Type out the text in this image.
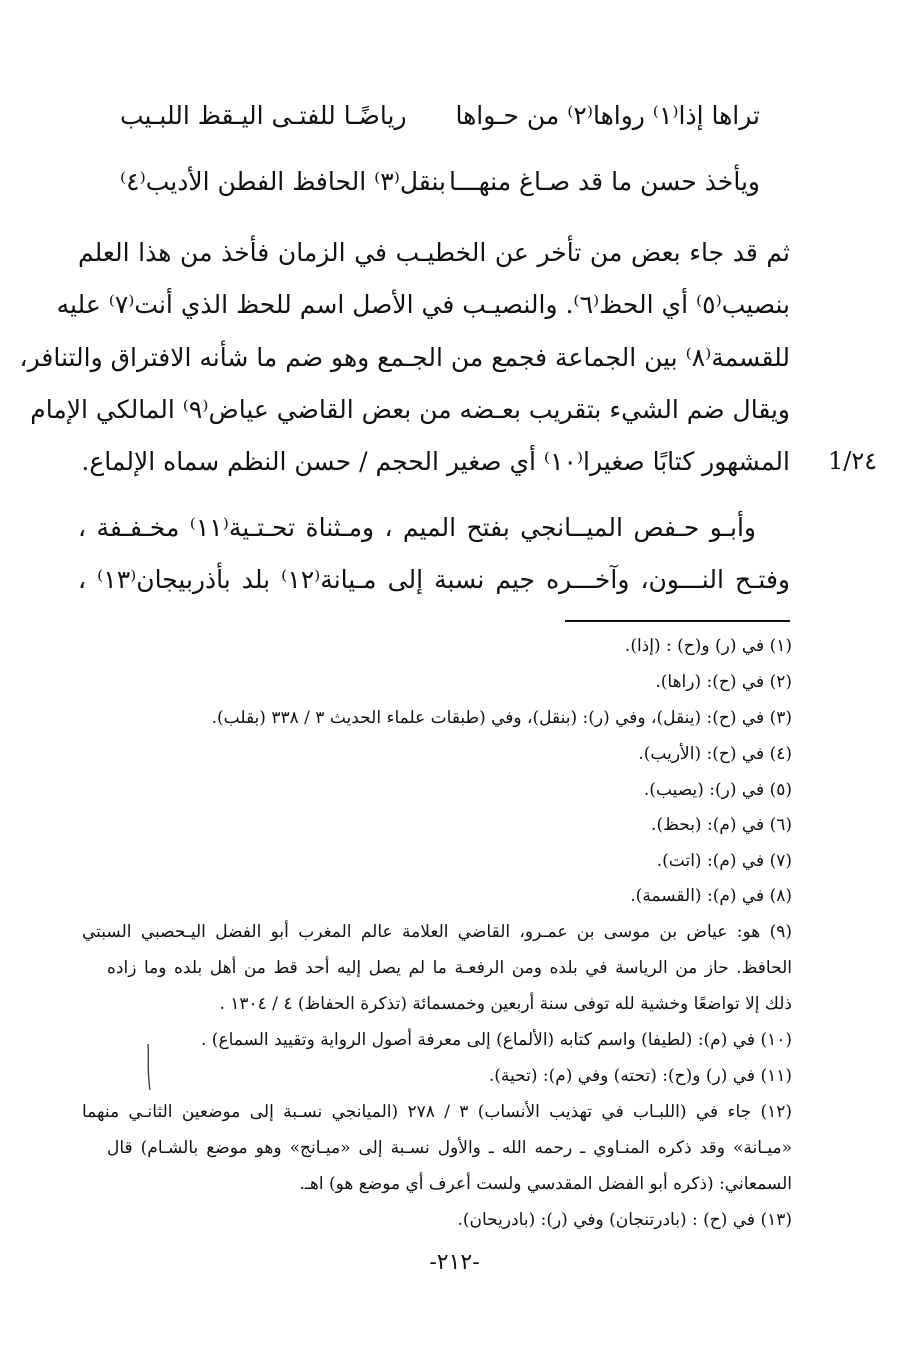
تراها إذا⁽١⁾ رواها⁽٢⁾ من حـواها
رياضًـا للفتـى اليـقظ اللبـيب
ويأخذ حسن ما قد صـاغ منهـــا
بنقل⁽٣⁾ الحافظ الفطن الأديب⁽٤⁾
ثم قد جاء بعض من تأخر عن الخطيـب في الزمان فأخذ من هذا العلم
بنصيب⁽٥⁾ أي الحظ⁽٦⁾. والنصيـب في الأصل اسم للحظ الذي أنت⁽٧⁾ عليه
للقسمة⁽٨⁾ بين الجماعة فجمع من الجـمع وهو ضم ما شأنه الافتراق والتنافر،
ويقال ضم الشيء بتقريب بعـضه من بعض القاضي عياض⁽٩⁾ المالكي الإمام
المشهور كتابًا صغيرا⁽١٠⁾ أي صغير الحجم / حسن النظم سماه الإلماع. 1/٢٤
وأبـو حـفص الميــانجي بفتح الميم ، ومـثناة تحـتـية⁽١١⁾ مخـفـفة ،
وفتـح النـــون، وآخـــره جيم نسبة إلى مـيانة⁽١٢⁾ بلد بأذربيجان⁽١٣⁾ ،
(١) في (ر) و(ح) : (إذا).
(٢) في (ح): (راها).
(٣) في (ح): (ينقل)، وفي (ر): (بنقل)، وفي (طبقات علماء الحديث ٣ / ٣٣٨ (بقلب).
(٤) في (ح): (الأريب).
(٥) في (ر): (يصيب).
(٦) في (م): (بحظ).
(٧) في (م): (اتت).
(٨) في (م): (القسمة).
(٩) هو: عياض بن موسى بن عمـرو، القاضي العلامة عالم المغرب أبو الفضل اليـحصبي السبتي
الحافظ. حاز من الرياسة في بلده ومن الرفعـة ما لم يصل إليه أحد قط من أهل بلده وما زاده
ذلك إلا تواضعًا وخشية لله توفى سنة أربعين وخمسمائة (تذكرة الحفاظ) ٤ / ١٣٠٤ .
(١٠) في (م): (لطيفا) واسم كتابه (الألماع) إلى معرفة أصول الرواية وتقييد السماع) .
(١١) في (ر) و(ح): (تحته) وفي (م): (تحية).
(١٢) جاء في (اللبـاب في تهذيب الأنساب) ٣ / ٢٧٨ (الميانجي نسـبة إلى موضعين الثانـي منهما
«ميـانة» وقد ذكره المنـاوي ـ رحمه الله ـ والأول نسـبة إلى «ميـانج» وهو موضع بالشـام) قال
السمعاني: (ذكره أبو الفضل المقدسي ولست أعرف أي موضع هو) اهـ.
(١٣) في (ح) : (بادرتنجان) وفي (ر): (بادريحان).
-٢١٢-
